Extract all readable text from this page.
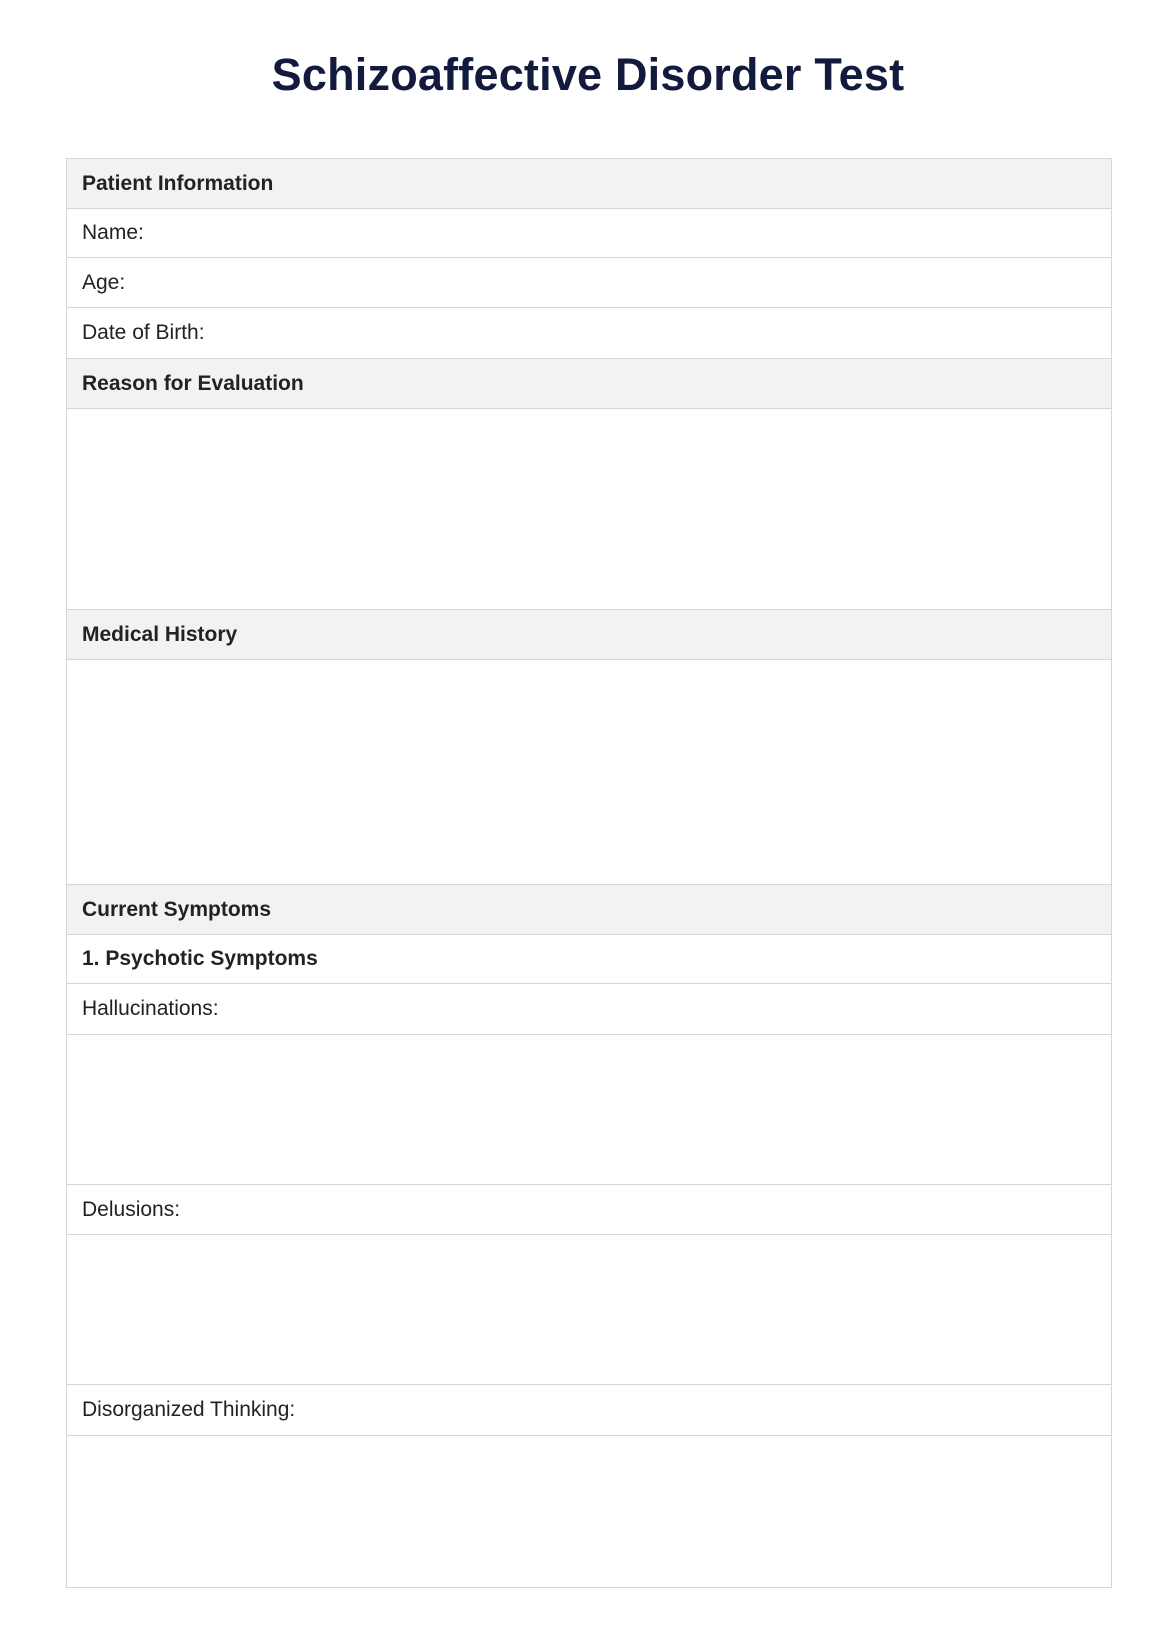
Schizoaffective Disorder Test
Patient Information
Name:
Age:
Date of Birth:
Reason for Evaluation
Medical History
Current Symptoms
1. Psychotic Symptoms
Hallucinations:
Delusions:
Disorganized Thinking:
